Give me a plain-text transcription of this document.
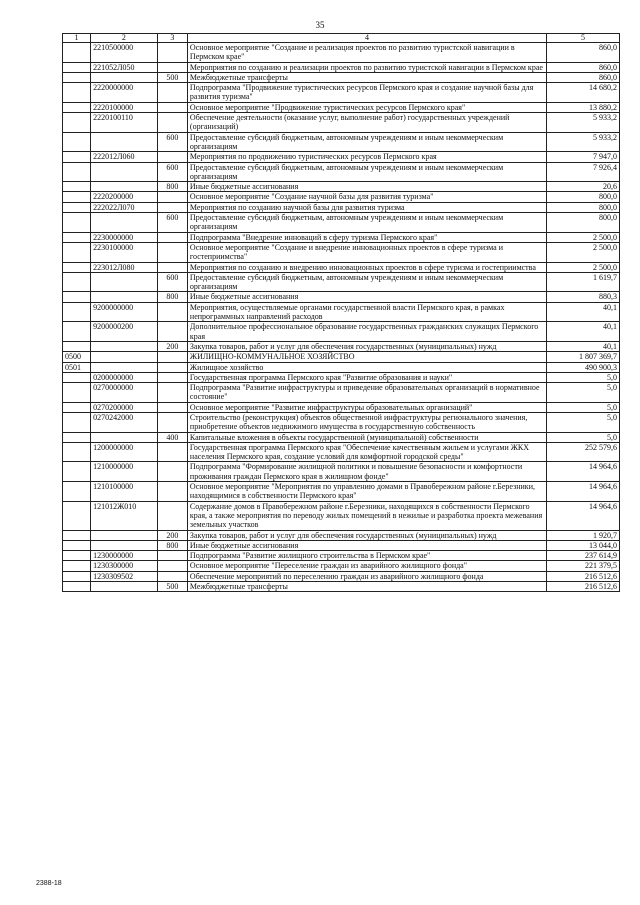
35
1	2	3	4	5
	2210500000		Основное мероприятие "Создание и реализация проектов по развитию туристской навигации в Пермском крае"	860,0
	221052Л050		Мероприятия по созданию и реализации проектов по развитию туристской навигации в Пермском крае	860,0
		500	Межбюджетные трансферты	860,0
	2220000000		Подпрограмма "Продвижение туристических ресурсов Пермского края и создание научной базы для развития туризма"	14 680,2
	2220100000		Основное мероприятие "Продвижение туристических ресурсов Пермского края"	13 880,2
	2220100110		Обеспечение деятельности (оказание услуг, выполнение работ) государственных учреждений (организаций)	5 933,2
		600	Предоставление субсидий бюджетным, автономным учреждениям и иным некоммерческим организациям	5 933,2
	222012Л060		Мероприятия по продвижению туристических ресурсов Пермского края	7 947,0
		600	Предоставление субсидий бюджетным, автономным учреждениям и иным некоммерческим организациям	7 926,4
		800	Иные бюджетные ассигнования	20,6
	2220200000		Основное мероприятие "Создание научной базы для развития туризма"	800,0
	222022Л070		Мероприятия по созданию научной базы для развития туризма	800,0
		600	Предоставление субсидий бюджетным, автономным учреждениям и иным некоммерческим организациям	800,0
	2230000000		Подпрограмма "Внедрение инноваций в сферу туризма Пермского края"	2 500,0
	2230100000		Основное мероприятие "Создание и внедрение инновационных проектов в сфере туризма и гостеприимства"	2 500,0
	223012Л080		Мероприятия по созданию и внедрению инновационных проектов в сфере туризма и гостеприимства	2 500,0
		600	Предоставление субсидий бюджетным, автономным учреждениям и иным некоммерческим организациям	1 619,7
		800	Иные бюджетные ассигнования	880,3
	9200000000		Мероприятия, осуществляемые органами государственной власти Пермского края, в рамках непрограммных направлений расходов	40,1
	9200000200		Дополнительное профессиональное образование государственных гражданских служащих Пермского края	40,1
		200	Закупка товаров, работ и услуг для обеспечения государственных (муниципальных) нужд	40,1
0500			ЖИЛИЩНО-КОММУНАЛЬНОЕ ХОЗЯЙСТВО	1 807 369,7
0501			Жилищное хозяйство	490 900,3
	0200000000		Государственная программа Пермского края "Развитие образования и науки"	5,0
	0270000000		Подпрограмма "Развитие инфраструктуры и приведение образовательных организаций в нормативное состояние"	5,0
	0270200000		Основное мероприятие "Развитие инфраструктуры образовательных организаций"	5,0
	0270242000		Строительство (реконструкция) объектов общественной инфраструктуры регионального значения, приобретение объектов недвижимого имущества в государственную собственность	5,0
		400	Капитальные вложения в объекты государственной (муниципальной) собственности	5,0
	1200000000		Государственная программа Пермского края "Обеспечение качественным жильем и услугами ЖКХ населения Пермского края, создание условий для комфортной городской среды"	252 579,6
	1210000000		Подпрограмма "Формирование жилищной политики и повышение безопасности и комфортности проживания граждан Пермского края в жилищном фонде"	14 964,6
	1210100000		Основное мероприятие "Мероприятия по управлению домами в Правобережном районе г.Березники, находящимися в собственности Пермского края"	14 964,6
	121012Ж010		Содержание домов в Правобережном районе г.Березники, находящихся в собственности Пермского края, а также мероприятия по переводу жилых помещений в нежилые и разработка проекта межевания земельных участков	14 964,6
		200	Закупка товаров, работ и услуг для обеспечения государственных (муниципальных) нужд	1 920,7
		800	Иные бюджетные ассигнования	13 044,0
	1230000000		Подпрограмма "Развитие жилищного строительства в Пермском крае"	237 614,9
	1230300000		Основное мероприятие "Переселение граждан из аварийного жилищного фонда"	221 379,5
	1230309502		Обеспечение мероприятий по переселению граждан из аварийного жилищного фонда	216 512,6
		500	Межбюджетные трансферты	216 512,6
2388-18
